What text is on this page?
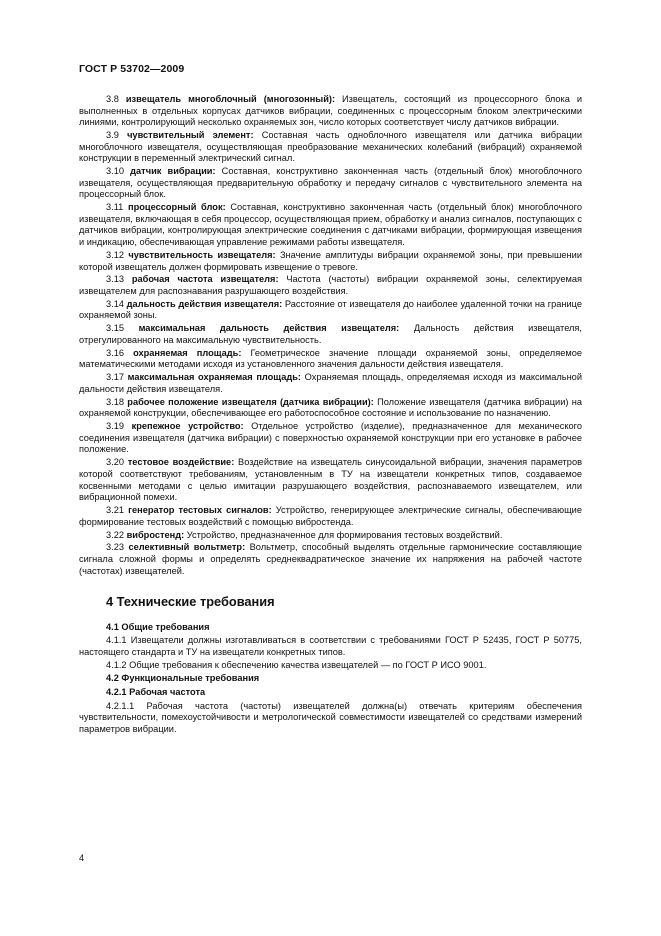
ГОСТ Р 53702—2009

3.8 извещатель многоблочный (многозонный): Извещатель, состоящий из процессорного блока и выполненных в отдельных корпусах датчиков вибрации, соединенных с процессорным блоком электрическими линиями, контролирующий несколько охраняемых зон, число которых соответствует числу датчиков вибрации.

3.9 чувствительный элемент: Составная часть одноблочного извещателя или датчика вибрации многоблочного извещателя, осуществляющая преобразование механических колебаний (вибраций) охраняемой конструкции в переменный электрический сигнал.

3.10 датчик вибрации: Составная, конструктивно законченная часть (отдельный блок) многоблочного извещателя, осуществляющая предварительную обработку и передачу сигналов с чувствительного элемента на процессорный блок.

3.11 процессорный блок: Составная, конструктивно законченная часть (отдельный блок) многоблочного извещателя, включающая в себя процессор, осуществляющая прием, обработку и анализ сигналов, поступающих с датчиков вибрации, контролирующая электрические соединения с датчиками вибрации, формирующая извещения и индикацию, обеспечивающая управление режимами работы извещателя.

3.12 чувствительность извещателя: Значение амплитуды вибрации охраняемой зоны, при превышении которой извещатель должен формировать извещение о тревоге.

3.13 рабочая частота извещателя: Частота (частоты) вибрации охраняемой зоны, селектируемая извещателем для распознавания разрушающего воздействия.

3.14 дальность действия извещателя: Расстояние от извещателя до наиболее удаленной точки на границе охраняемой зоны.

3.15 максимальная дальность действия извещателя: Дальность действия извещателя, отрегулированного на максимальную чувствительность.

3.16 охраняемая площадь: Геометрическое значение площади охраняемой зоны, определяемое математическими методами исходя из установленного значения дальности действия извещателя.

3.17 максимальная охраняемая площадь: Охраняемая площадь, определяемая исходя из максимальной дальности действия извещателя.

3.18 рабочее положение извещателя (датчика вибрации): Положение извещателя (датчика вибрации) на охраняемой конструкции, обеспечивающее его работоспособное состояние и использование по назначению.

3.19 крепежное устройство: Отдельное устройство (изделие), предназначенное для механического соединения извещателя (датчика вибрации) с поверхностью охраняемой конструкции при его установке в рабочее положение.

3.20 тестовое воздействие: Воздействие на извещатель синусоидальной вибрации, значения параметров которой соответствуют требованиям, установленным в ТУ на извещатели конкретных типов, создаваемое косвенными методами с целью имитации разрушающего воздействия, распознаваемого извещателем, или вибрационной помехи.

3.21 генератор тестовых сигналов: Устройство, генерирующее электрические сигналы, обеспечивающие формирование тестовых воздействий с помощью вибростенда.

3.22 вибростенд: Устройство, предназначенное для формирования тестовых воздействий.

3.23 селективный вольтметр: Вольтметр, способный выделять отдельные гармонические составляющие сигнала сложной формы и определять среднеквадратическое значение их напряжения на рабочей частоте (частотах) извещателей.

4 Технические требования
4.1 Общие требования

4.1.1 Извещатели должны изготавливаться в соответствии с требованиями ГОСТ Р 52435, ГОСТ Р 50775, настоящего стандарта и ТУ на извещатели конкретных типов.

4.1.2 Общие требования к обеспечению качества извещателей — по ГОСТ Р ИСО 9001.

4.2 Функциональные требования
4.2.1 Рабочая частота

4.2.1.1 Рабочая частота (частоты) извещателей должна(ы) отвечать критериям обеспечения чувствительности, помехоустойчивости и метрологической совместимости извещателей со средствами измерений параметров вибрации.

4
